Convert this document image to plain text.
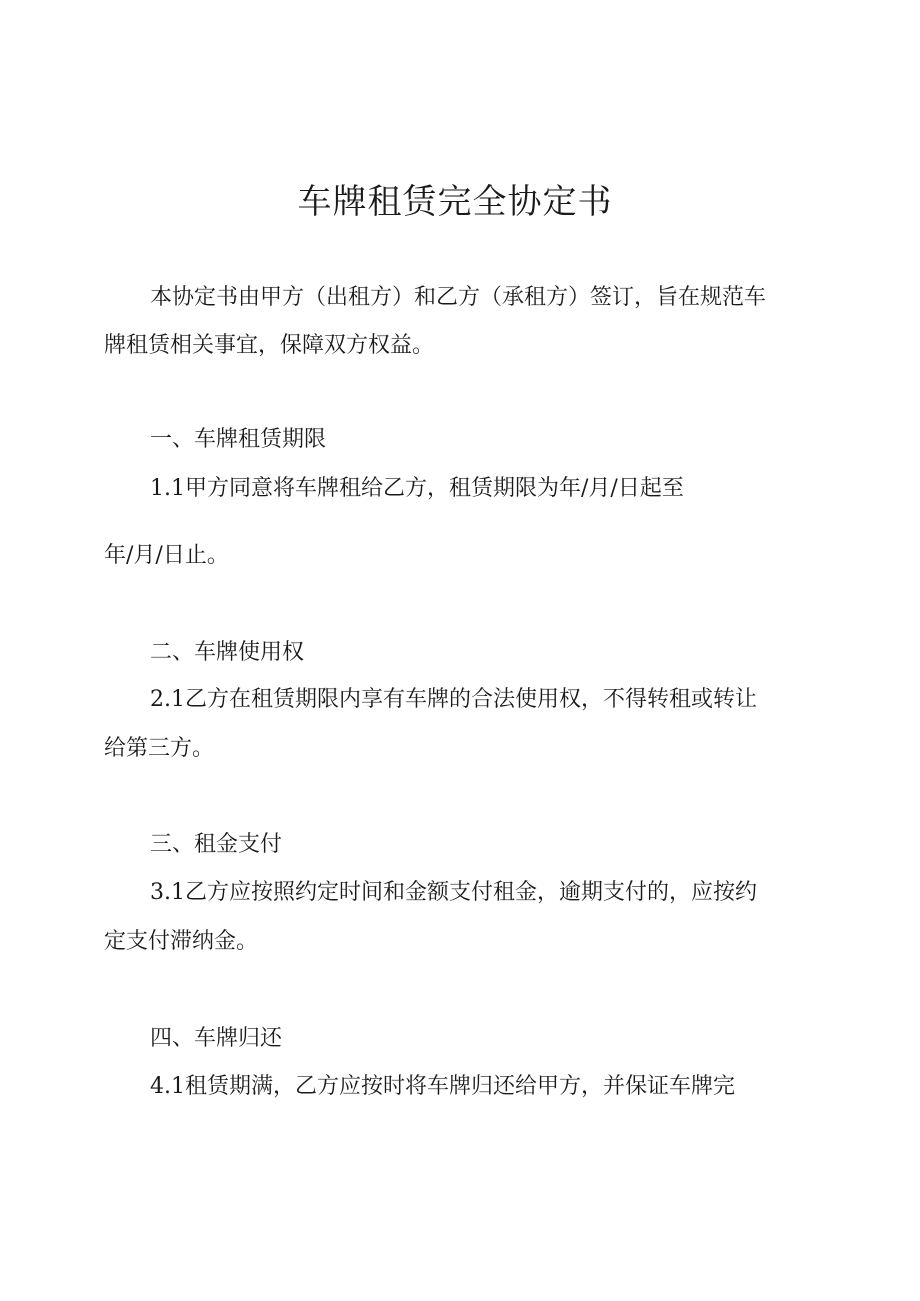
车牌租赁完全协定书

本协定书由甲方（出租方）和乙方（承租方）签订，旨在规范车

牌租赁相关事宜，保障双方权益。

一、车牌租赁期限

1.1甲方同意将车牌租给乙方，租赁期限为年/月/日起至

年/月/日止。

二、车牌使用权

2.1乙方在租赁期限内享有车牌的合法使用权，不得转租或转让

给第三方。

三、租金支付

3.1乙方应按照约定时间和金额支付租金，逾期支付的，应按约

定支付滞纳金。

四、车牌归还

4.1租赁期满，乙方应按时将车牌归还给甲方，并保证车牌完
